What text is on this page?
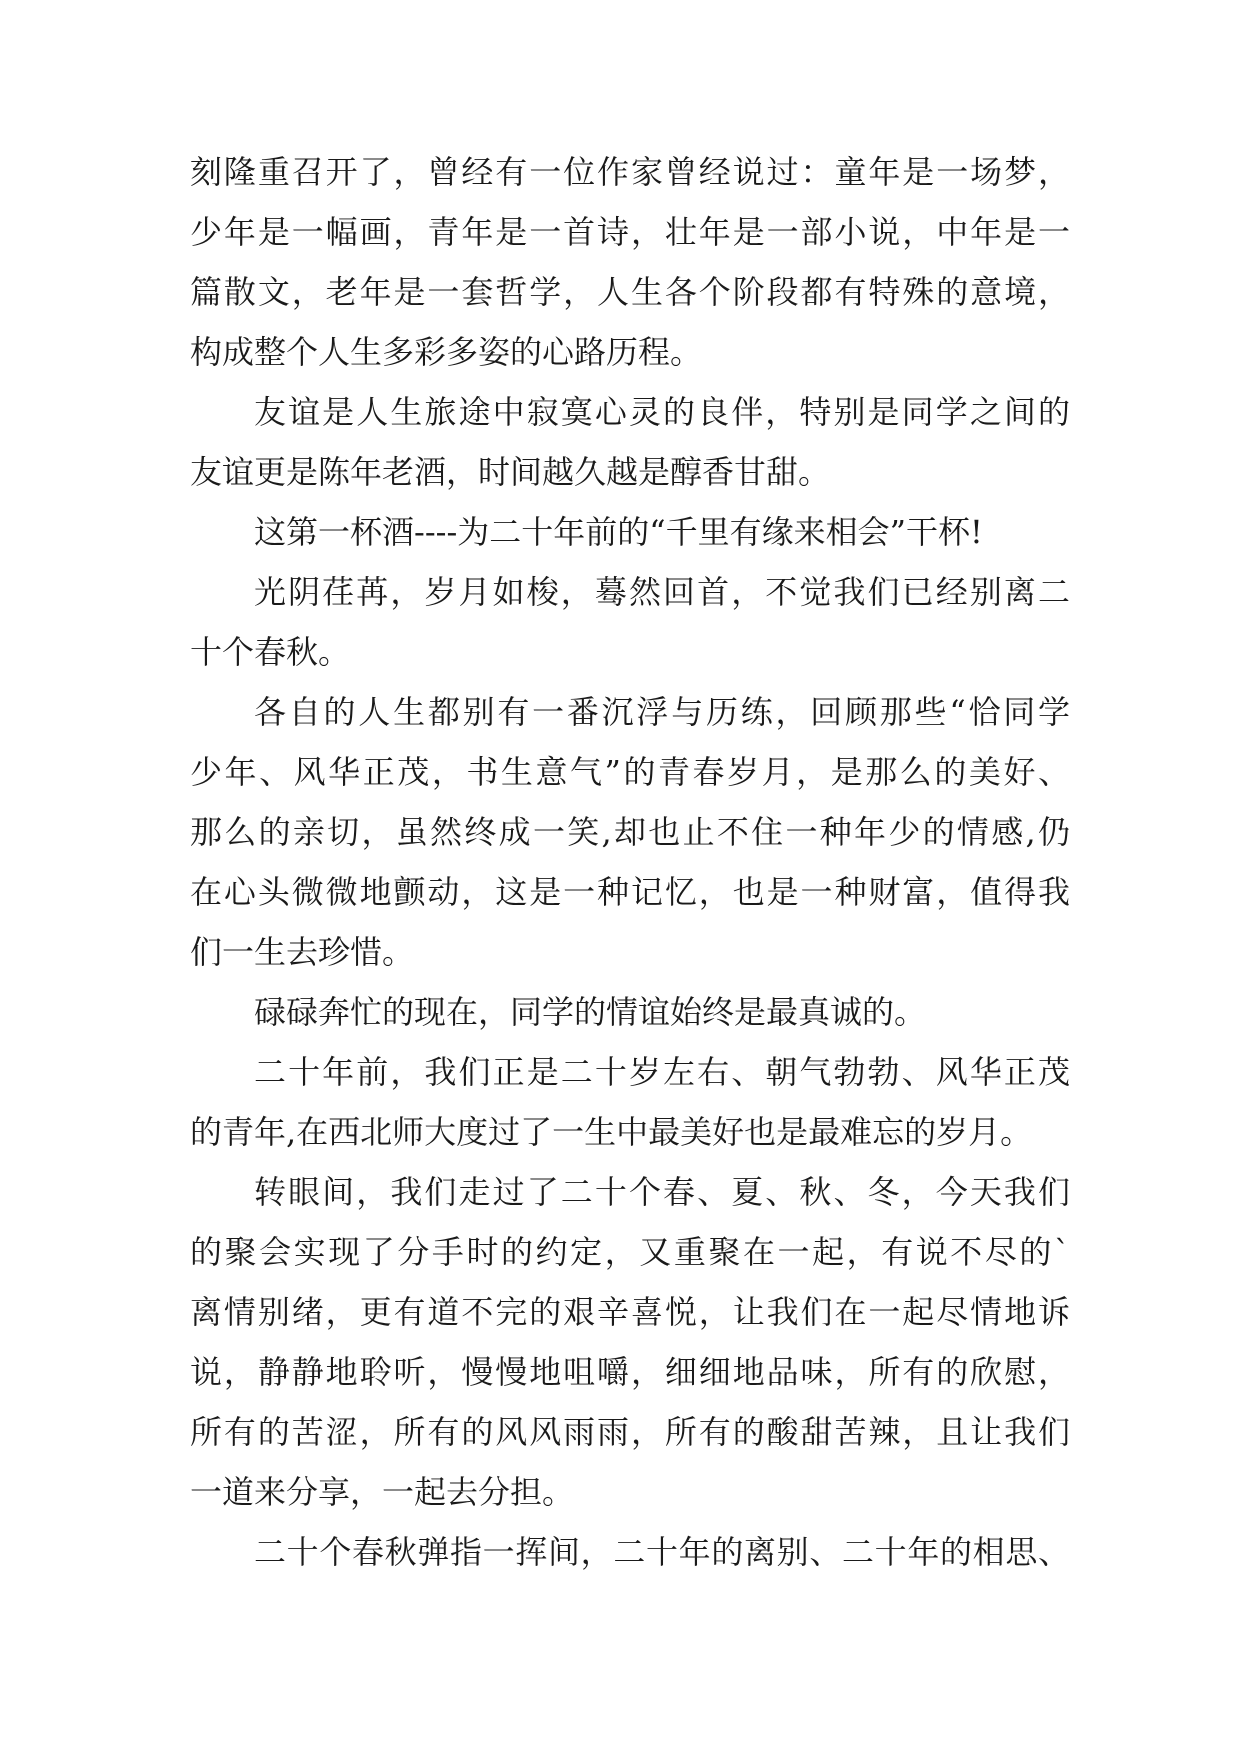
刻隆重召开了，曾经有一位作家曾经说过：童年是一场梦，

少年是一幅画，青年是一首诗，壮年是一部小说，中年是一

篇散文，老年是一套哲学，人生各个阶段都有特殊的意境，

构成整个人生多彩多姿的心路历程。

友谊是人生旅途中寂寞心灵的良伴，特别是同学之间的

友谊更是陈年老酒，时间越久越是醇香甘甜。

这第一杯酒----为二十年前的“千里有缘来相会”干杯!

光阴荏苒，岁月如梭，蓦然回首，不觉我们已经别离二

十个春秋。

各自的人生都别有一番沉浮与历练，回顾那些“恰同学

少年、风华正茂，书生意气”的青春岁月，是那么的美好、

那么的亲切，虽然终成一笑,却也止不住一种年少的情感,仍

在心头微微地颤动，这是一种记忆，也是一种财富，值得我

们一生去珍惜。

碌碌奔忙的现在，同学的情谊始终是最真诚的。

二十年前，我们正是二十岁左右、朝气勃勃、风华正茂

的青年,在西北师大度过了一生中最美好也是最难忘的岁月。

转眼间，我们走过了二十个春、夏、秋、冬，今天我们

的聚会实现了分手时的约定，又重聚在一起，有说不尽的`

离情别绪，更有道不完的艰辛喜悦，让我们在一起尽情地诉

说，静静地聆听，慢慢地咀嚼，细细地品味，所有的欣慰，

所有的苦涩，所有的风风雨雨，所有的酸甜苦辣，且让我们

一道来分享，一起去分担。

二十个春秋弹指一挥间，二十年的离别、二十年的相思、
